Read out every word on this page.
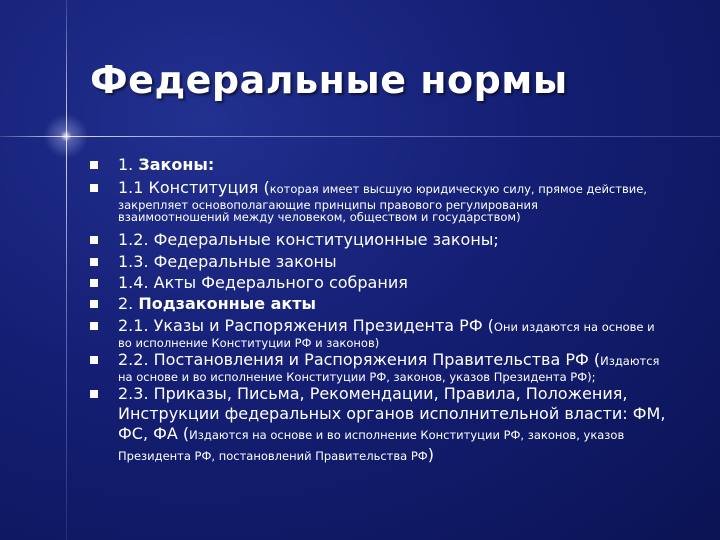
Федеральные нормы
1. Законы:
1.1 Конституция (которая имеет высшую юридическую силу, прямое действие,
закрепляет основополагающие принципы правового регулирования
взаимоотношений между человеком, обществом и государством)
1.2. Федеральные конституционные законы;
1.3. Федеральные законы
1.4. Акты Федерального собрания
2. Подзаконные акты
2.1. Указы и Распоряжения Президента РФ (Они издаются на основе и
во исполнение Конституции РФ и законов)
2.2. Постановления и Распоряжения Правительства РФ (Издаются
на основе и во исполнение Конституции РФ, законов, указов Президента РФ);
2.3. Приказы, Письма, Рекомендации, Правила, Положения,
Инструкции федеральных органов исполнительной власти: ФМ,
ФС, ФА (Издаются на основе и во исполнение Конституции РФ, законов, указов
Президента РФ, постановлений Правительства РФ)
